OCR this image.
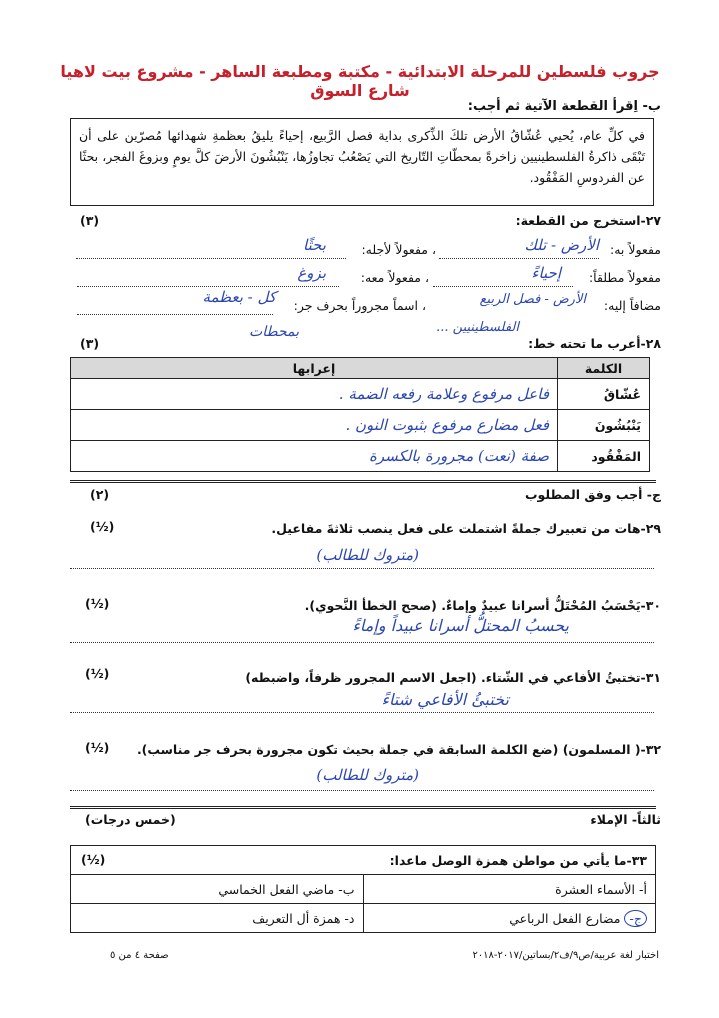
جروب فلسطين للمرحلة الابتدائية - مكتبة ومطبعة الساهر - مشروع بيت لاهيا شارع السوق
ب- اِقرأ القطعة الآتية ثم أجب:
في كلِّ عام، يُحيي عُشّاقُ الأرض تلكَ الذِّكرى بداية فصل الرَّبيع، إحياءً يليقُ بعظمةِ شهدائها مُصرّين على أن تَبْقَى ذاكرةُ الفلسطينيين زاخرةً بمحطّاتِ التّاريخ التي يَصْعُبُ تجاوزُها، يَنْبُشُونَ الأرضَ كلَّ يومٍ وبزوغَ الفجر، بحثًا عن الفردوسِ المَفْقُود.
٢٧-استخرج من القطعة:
(٣)
مفعولاً به:
الأرض - تلك
، مفعولاً لأجله:
بحثًا
مفعولاً مطلقاً:
إحياءً
، مفعولاً معه:
بزوغ
مضافاً إليه:
الأرض - فصل الربيع
، اسماً مجروراً بحرف جر:
كل - بعظمة
الفلسطينيين ...
بمحطات
٢٨-أعرب ما تحته خط:
(٣)
الكلمة	إعرابها
عُشّاقُ	فاعل مرفوع وعلامة رفعه الضمة .
يَنْبُشُونَ	فعل مضارع مرفوع بثبوت النون .
المَفْقُود	صفة (نعت) مجرورة بالكسرة
ج- أجب وفق المطلوب
(٢)
٢٩-هات من تعبيرك جملةً اشتملت على فعل ينصب ثلاثةَ مفاعيل.
(½)
(متروك للطالب)
٣٠-يَحْسَبُ المُحْتَلُّ أسرانا عبيدٌ وإماءٌ. (صحح الخطأ النَّحوي).
(½)
يحسبُ المحتلُّ أسرانا عبيداً وإماءً
٣١-تختبئُ الأفاعي في الشّتاء. (اجعل الاسم المجرور ظرفاً، واضبطه)
(½)
تختبئُ الأفاعي شتاءً
٣٢-( المسلمون) (ضع الكلمة السابقة في جملة بحيث تكون مجرورة بحرف جر مناسب).
(½)
(متروك للطالب)
ثالثاً- الإملاء
(خمس درجات)
٣٣-ما يأتي من مواطن همزة الوصل ماعدا:
(½)	

أ- الأسماء العشرة	ب- ماضي الفعل الخماسي
ج- مضارع الفعل الرباعي	د- همزة أل التعريف
اختبار لغة عربية/ص٩/ف٢/بساتين/٢٠١٧-٢٠١٨
صفحة ٤ من ٥
